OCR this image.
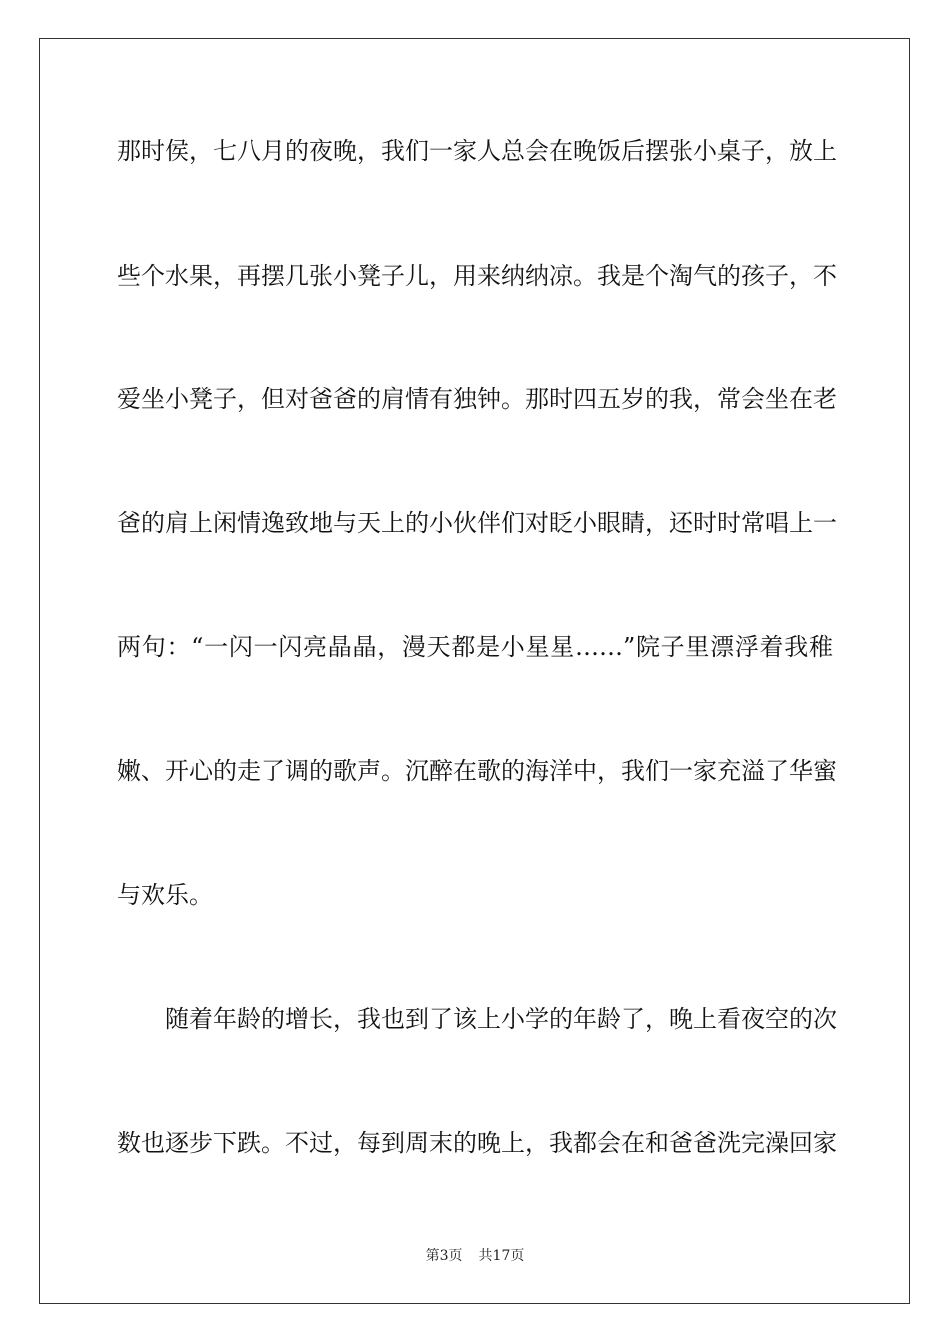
那时侯，七八月的夜晚，我们一家人总会在晚饭后摆张小桌子，放上
些个水果，再摆几张小凳子儿，用来纳纳凉。我是个淘气的孩子，不
爱坐小凳子，但对爸爸的肩情有独钟。那时四五岁的我，常会坐在老
爸的肩上闲情逸致地与天上的小伙伴们对眨小眼睛，还时时常唱上一
两句：“一闪一闪亮晶晶，漫天都是小星星……”院子里漂浮着我稚
嫩、开心的走了调的歌声。沉醉在歌的海洋中，我们一家充溢了华蜜
与欢乐。
　　随着年龄的增长，我也到了该上小学的年龄了，晚上看夜空的次
数也逐步下跌。不过，每到周末的晚上，我都会在和爸爸洗完澡回家
第3页 共17页
